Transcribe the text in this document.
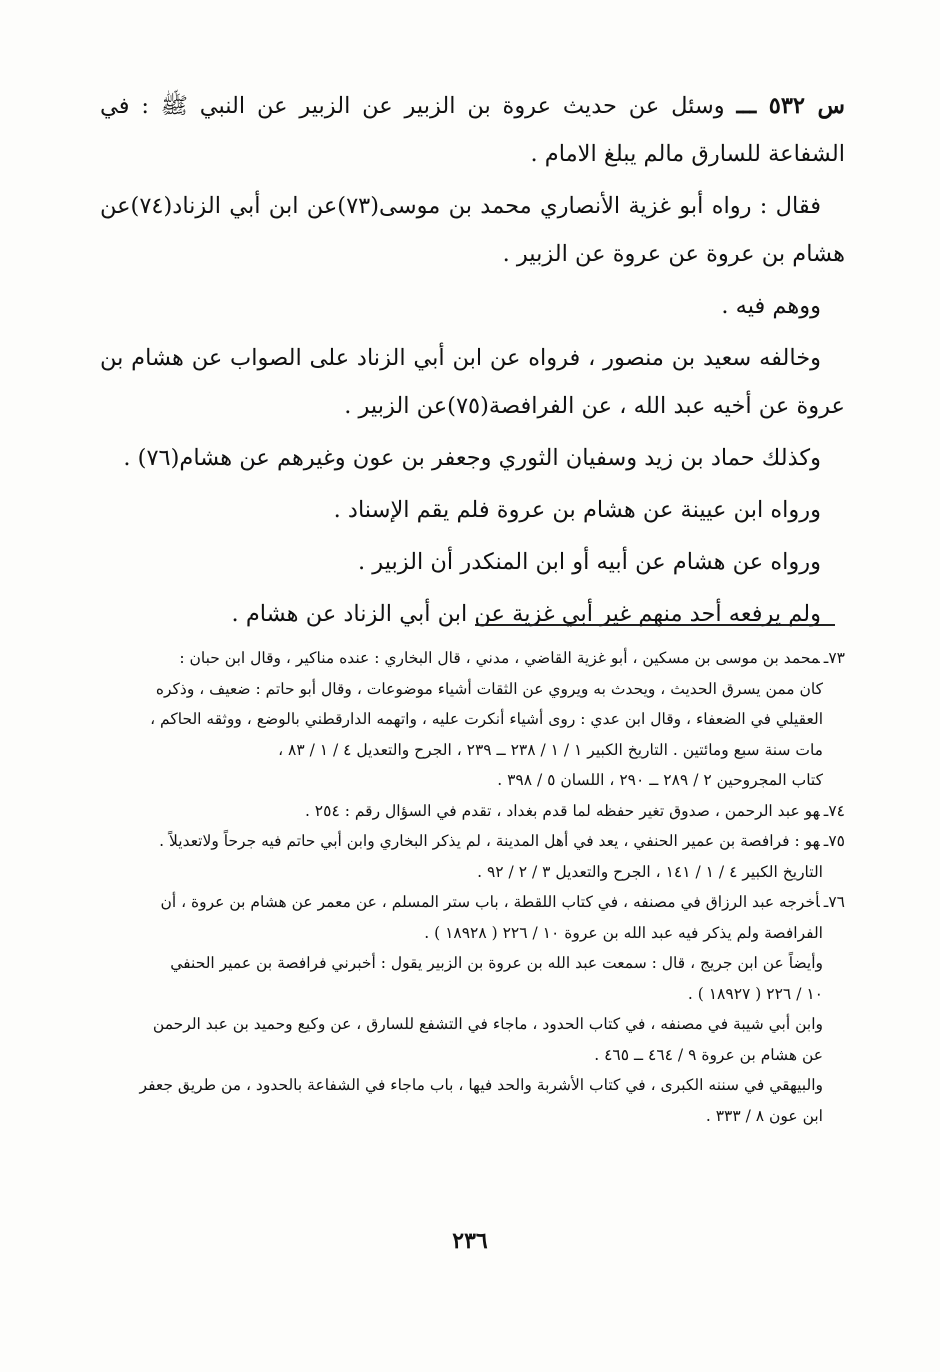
س ٥٣٢ ـــ وسئل عن حديث عروة بن الزبير عن الزبير عن النبي ﷺ : في الشفاعة للسارق مالم يبلغ الامام .

فقال : رواه أبو غزية الأنصاري محمد بن موسى(٧٣)عن ابن أبي الزناد(٧٤)عن هشام بن عروة عن عروة عن الزبير .

ووهم فيه .

وخالفه سعيد بن منصور ، فرواه عن ابن أبي الزناد على الصواب عن هشام بن عروة عن أخيه عبد الله ، عن الفرافصة(٧٥)عن الزبير .

وكذلك حماد بن زيد وسفيان الثوري وجعفر بن عون وغيرهم عن هشام(٧٦) .

ورواه ابن عيينة عن هشام بن عروة فلم يقم الإسناد .

ورواه عن هشام عن أبيه أو ابن المنكدر أن الزبير .

ولم يرفعه أحد منهم غير أبي غزية عن ابن أبي الزناد عن هشام .

٧٣ـمحمد بن موسى بن مسكين ، أبو غزية القاضي ، مدني ، قال البخاري : عنده مناكير ، وقال ابن حبان :
كان ممن يسرق الحديث ، ويحدث به ويروي عن الثقات أشياء موضوعات ، وقال أبو حاتم : ضعيف ، وذكره
العقيلي في الضعفاء ، وقال ابن عدي : روى أشياء أنكرت عليه ، واتهمه الدارقطني بالوضع ، ووثقه الحاكم ،
مات سنة سبع ومائتين . التاريخ الكبير ١ / ١ / ٢٣٨ ــ ٢٣٩ ، الجرح والتعديل ٤ / ١ / ٨٣ ،
كتاب المجروحين ٢ / ٢٨٩ ــ ٢٩٠ ، اللسان ٥ / ٣٩٨ .
٧٤ـهو عبد الرحمن ، صدوق تغير حفظه لما قدم بغداد ، تقدم في السؤال رقم : ٢٥٤ .
٧٥ـهو : فرافصة بن عمير الحنفي ، يعد في أهل المدينة ، لم يذكر البخاري وابن أبي حاتم فيه جرحاً ولاتعديلاً .
التاريخ الكبير ٤ / ١ / ١٤١ ، الجرح والتعديل ٣ / ٢ / ٩٢ .
٧٦ـأخرجه عبد الرزاق في مصنفه ، في كتاب اللقطة ، باب ستر المسلم ، عن معمر عن هشام بن عروة ، أن
الفرافصة ولم يذكر فيه عبد الله بن عروة ١٠ / ٢٢٦ ( ١٨٩٢٨ ) .
وأيضاً عن ابن جريج ، قال : سمعت عبد الله بن عروة بن الزبير يقول : أخبرني فرافصة بن عمير الحنفي
١٠ / ٢٢٦ ( ١٨٩٢٧ ) .
وابن أبي شيبة في مصنفه ، في كتاب الحدود ، ماجاء في التشفع للسارق ، عن وكيع وحميد بن عبد الرحمن
عن هشام بن عروة ٩ / ٤٦٤ ــ ٤٦٥ .
والبيهقي في سننه الكبرى ، في كتاب الأشربة والحد فيها ، باب ماجاء في الشفاعة بالحدود ، من طريق جعفر
ابن عون ٨ / ٣٣٣ .
٢٣٦
